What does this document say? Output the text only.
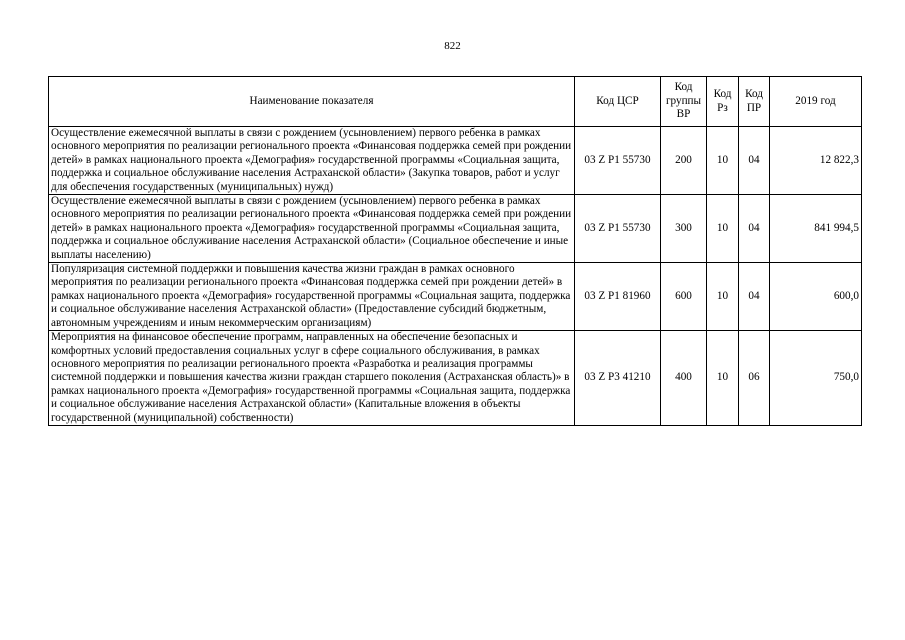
822
Наименование показателя	Код ЦСР	Код группы ВР	Код Рз	Код ПР	2019 год
Осуществление ежемесячной выплаты в связи с рождением (усыновлением) первого ребенка в рамках основного мероприятия по реализации регионального проекта «Финансовая поддержка семей при рождении детей» в рамках национального проекта «Демография» государственной программы «Социальная защита, поддержка и социальное обслуживание населения Астраханской области» (Закупка товаров, работ и услуг для обеспечения государственных (муниципальных) нужд)	03 Z P1 55730	200	10	04	12 822,3
Осуществление ежемесячной выплаты в связи с рождением (усыновлением) первого ребенка в рамках основного мероприятия по реализации регионального проекта «Финансовая поддержка семей при рождении детей» в рамках национального проекта «Демография» государственной программы «Социальная защита, поддержка и социальное обслуживание населения Астраханской области» (Социальное обеспечение и иные выплаты населению)	03 Z P1 55730	300	10	04	841 994,5
Популяризация системной поддержки и повышения качества жизни граждан в рамках основного мероприятия по реализации регионального проекта «Финансовая поддержка семей при рождении детей» в рамках национального проекта «Демография» государственной программы «Социальная защита, поддержка и социальное обслуживание населения Астраханской области» (Предоставление субсидий бюджетным, автономным учреждениям и иным некоммерческим организациям)	03 Z P1 81960	600	10	04	600,0
Мероприятия на финансовое обеспечение программ, направленных на обеспечение безопасных и комфортных условий предоставления социальных услуг в сфере социального обслуживания, в рамках основного мероприятия по реализации регионального проекта «Разработка и реализация программы системной поддержки и повышения качества жизни граждан старшего поколения (Астраханская область)» в рамках национального проекта «Демография» государственной программы «Социальная защита, поддержка и социальное обслуживание населения Астраханской области» (Капитальные вложения в объекты государственной (муниципальной) собственности)	03 Z P3 41210	400	10	06	750,0
